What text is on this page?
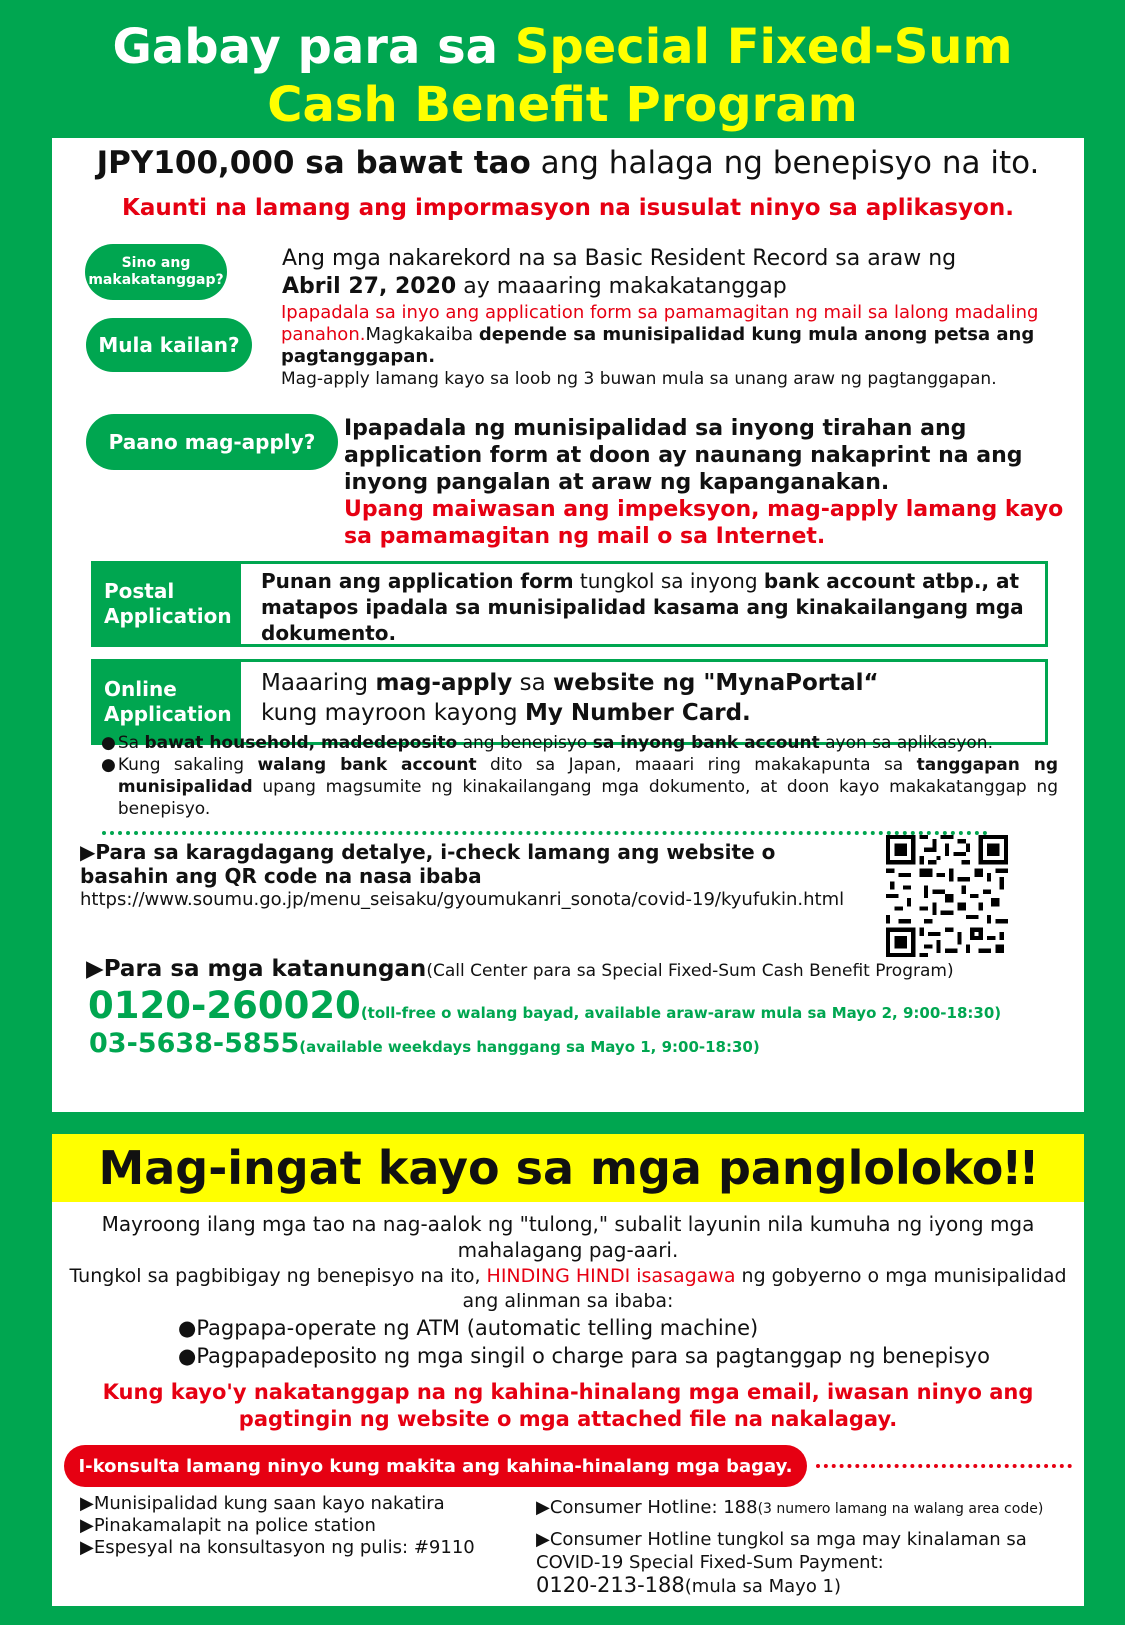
Gabay para sa Special Fixed-Sum
Cash Benefit Program
JPY100,000 sa bawat tao ang halaga ng benepisyo na ito.
Kaunti na lamang ang impormasyon na isusulat ninyo sa aplikasyon.
Sino ang
makakatanggap?
Ang mga nakarekord na sa Basic Resident Record sa araw ng
Abril 27, 2020 ay maaaring makakatanggap
Mula kailan?
Ipapadala sa inyo ang application form sa pamamagitan ng mail sa lalong madaling panahon.Magkakaiba depende sa munisipalidad kung mula anong petsa ang pagtanggapan.
Mag-apply lamang kayo sa loob ng 3 buwan mula sa unang araw ng pagtanggapan.
Paano mag-apply?
Ipapadala ng munisipalidad sa inyong tirahan ang application form at doon ay naunang nakaprint na ang inyong pangalan at araw ng kapanganakan.
Upang maiwasan ang impeksyon, mag-apply lamang kayo sa pamamagitan ng mail o sa Internet.
Postal
Application
Punan ang application form tungkol sa inyong bank account atbp., at matapos ipadala sa munisipalidad kasama ang kinakailangang mga dokumento.
Online
Application
Maaaring mag-apply sa website ng "MynaPortal“
kung mayroon kayong My Number Card.
● Sa bawat household, madedeposito ang benepisyo sa inyong bank account ayon sa aplikasyon.
● Kung sakaling walang bank account dito sa Japan, maaari ring makakapunta sa tanggapan ng munisipalidad upang magsumite ng kinakailangang mga dokumento, at doon kayo makakatanggap ng benepisyo.
▶Para sa karagdagang detalye, i-check lamang ang website o basahin ang QR code na nasa ibaba
https://www.soumu.go.jp/menu_seisaku/gyoumukanri_sonota/covid-19/kyufukin.html
▶Para sa mga katanungan(Call Center para sa Special Fixed-Sum Cash Benefit Program)
0120-260020(toll-free o walang bayad, available araw-araw mula sa Mayo 2, 9:00-18:30)
03-5638-5855(available weekdays hanggang sa Mayo 1, 9:00-18:30)
Mag-ingat kayo sa mga panglolokoǃǃ
Mayroong ilang mga tao na nag-aalok ng "tulong," subalit layunin nila kumuha ng iyong mga mahalagang pag-aari.
Tungkol sa pagbibigay ng benepisyo na ito, HINDING HINDI isasagawa ng gobyerno o mga munisipalidad ang alinman sa ibaba:
●Pagpapa-operate ng ATM (automatic telling machine)
●Pagpapadeposito ng mga singil o charge para sa pagtanggap ng benepisyo
Kung kayo'y nakatanggap na ng kahina-hinalang mga email, iwasan ninyo ang pagtingin ng website o mga attached file na nakalagay.
I-konsulta lamang ninyo kung makita ang kahina-hinalang mga bagay.
▶Munisipalidad kung saan kayo nakatira
▶Pinakamalapit na police station
▶Espesyal na konsultasyon ng pulis: #9110
▶Consumer Hotline: 188(3 numero lamang na walang area code)
▶Consumer Hotline tungkol sa mga may kinalaman sa COVID-19 Special Fixed-Sum Payment:
0120-213-188(mula sa Mayo 1)
